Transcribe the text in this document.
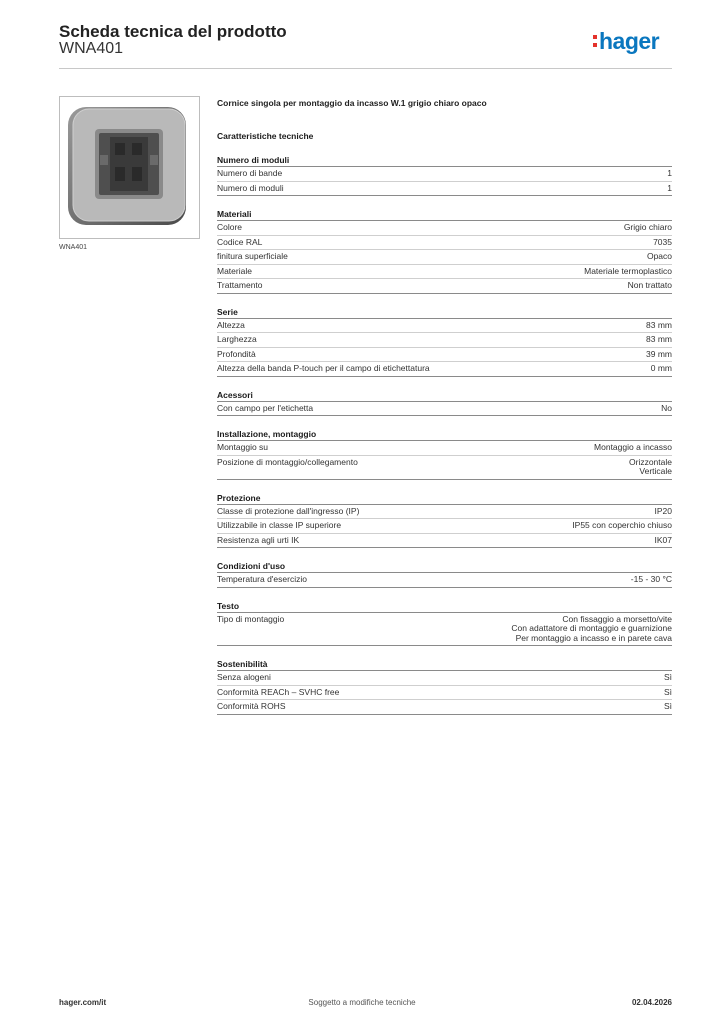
Scheda tecnica del prodotto
WNA401	hager
WNA401
Cornice singola per montaggio da incasso W.1 grigio chiaro opaco
Caratteristiche tecniche
Numero di moduli
Numero di bande	1
Numero di moduli	1
Materiali
Colore	Grigio chiaro
Codice RAL	7035
finitura superficiale	Opaco
Materiale	Materiale termoplastico
Trattamento	Non trattato
Serie
Altezza	83 mm
Larghezza	83 mm
Profondità	39 mm
Altezza della banda P-touch per il campo di etichettatura	0 mm
Acessori
Con campo per l'etichetta	No
Installazione, montaggio
Montaggio su	Montaggio a incasso
Posizione di montaggio/collegamento	Orizzontale
Verticale
Protezione
Classe di protezione dall'ingresso (IP)	IP20
Utilizzabile in classe IP superiore	IP55 con coperchio chiuso
Resistenza agli urti IK	IK07
Condizioni d'uso
Temperatura d'esercizio	-15 - 30 °C
Testo
Tipo di montaggio	Con fissaggio a morsetto/vite
Con adattatore di montaggio e guarnizione
Per montaggio a incasso e in parete cava
Sostenibilità
Senza alogeni	Sì
Conformità REACh – SVHC free	Sì
Conformità ROHS	Sì
hager.com/it	Soggetto a modifiche tecniche	02.04.2026
